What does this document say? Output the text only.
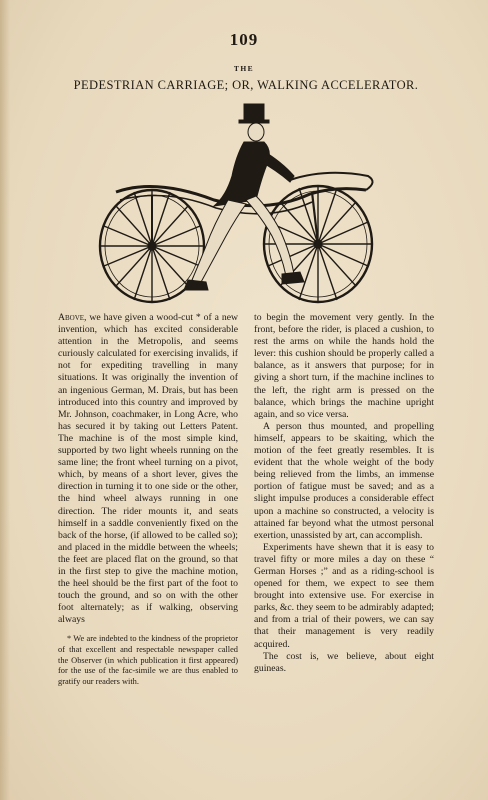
109
THE
PEDESTRIAN CARRIAGE; OR, WALKING ACCELERATOR.

Above, we have given a wood-cut * of a new invention, which has excited considerable attention in the Metropolis, and seems curiously calculated for exercising invalids, if not for expediting travelling in many situations. It was originally the invention of an ingenious German, M. Drais, but has been introduced into this country and improved by Mr. Johnson, coachmaker, in Long Acre, who has secured it by taking out Letters Patent. The machine is of the most simple kind, supported by two light wheels running on the same line; the front wheel turning on a pivot, which, by means of a short lever, gives the direction in turning it to one side or the other, the hind wheel always running in one direction. The rider mounts it, and seats himself in a saddle conveniently fixed on the back of the horse, (if allowed to be called so); and placed in the middle between the wheels; the feet are placed flat on the ground, so that in the first step to give the machine motion, the heel should be the first part of the foot to touch the ground, and so on with the other foot alternately; as if walking, observing always

* We are indebted to the kindness of the proprietor of that excellent and respectable newspaper called the Observer (in which publication it first appeared) for the use of the fac-simile we are thus enabled to gratify our readers with.

to begin the movement very gently. In the front, before the rider, is placed a cushion, to rest the arms on while the hands hold the lever: this cushion should be properly called a balance, as it answers that purpose; for in giving a short turn, if the machine inclines to the left, the right arm is pressed on the balance, which brings the machine upright again, and so vice versa.

A person thus mounted, and propelling himself, appears to be skaiting, which the motion of the feet greatly resembles. It is evident that the whole weight of the body being relieved from the limbs, an immense portion of fatigue must be saved; and as a slight impulse produces a considerable effect upon a machine so constructed, a velocity is attained far beyond what the utmost personal exertion, unassisted by art, can accomplish.

Experiments have shewn that it is easy to travel fifty or more miles a day on these “ German Horses ;” and as a riding-school is opened for them, we expect to see them brought into extensive use. For exercise in parks, &c. they seem to be admirably adapted; and from a trial of their powers, we can say that their management is very readily acquired.

The cost is, we believe, about eight guineas.
